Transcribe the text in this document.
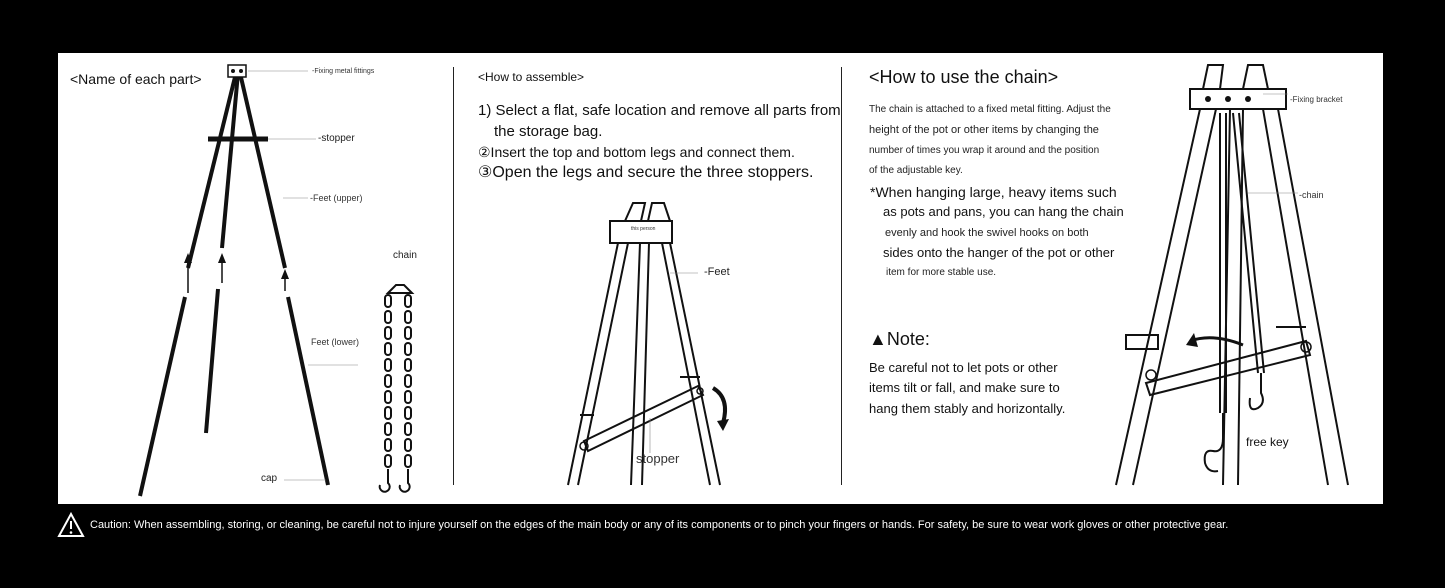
<Name of each part>	-Fixing metal fittings
-stopper
-Feet (upper)
chain
Feet (lower)
cap
<How to assemble>
1) Select a flat, safe location and remove all parts from
the storage bag.
②Insert the top and bottom legs and connect them.
③Open the legs and secure the three stoppers.
this person
-Feet
stopper
<How to use the chain>
The chain is attached to a fixed metal fitting. Adjust the
height of the pot or other items by changing the
number of times you wrap it around and the position
of the adjustable key.
*When hanging large, heavy items such
as pots and pans, you can hang the chain
evenly and hook the swivel hooks on both
sides onto the hanger of the pot or other
item for more stable use.
▲Note:
Be careful not to let pots or other
items tilt or fall, and make sure to
hang them stably and horizontally.
-Fixing bracket
-chain
free key
Caution: When assembling, storing, or cleaning, be careful not to injure yourself on the edges of the main body or any of its components or to pinch your fingers or hands. For safety, be sure to wear work gloves or other protective gear.
